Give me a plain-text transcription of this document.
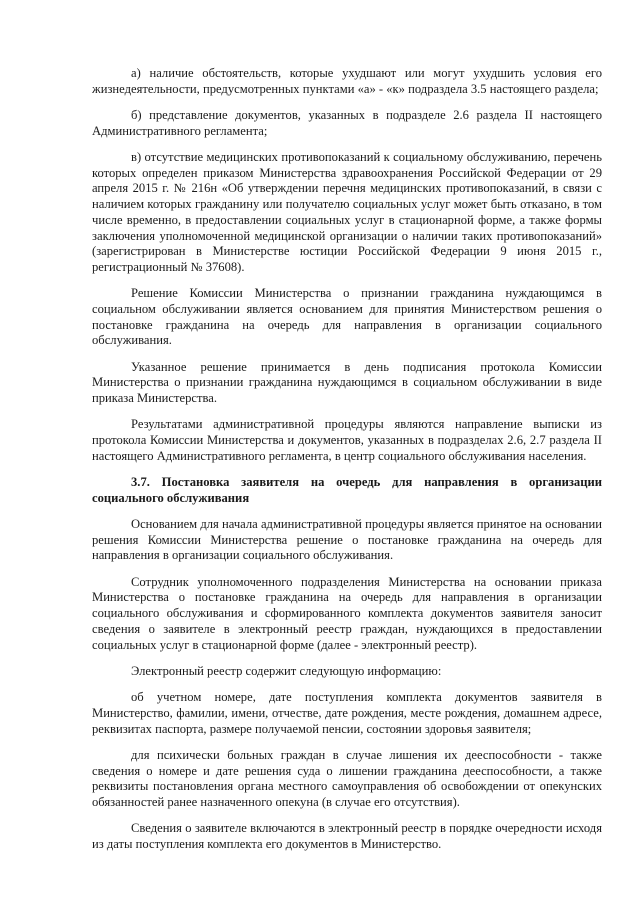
а) наличие обстоятельств, которые ухудшают или могут ухудшить условия его жизнедеятельности, предусмотренных пунктами «а» - «к» подраздела 3.5 настоящего раздела;

б) представление документов, указанных в подразделе 2.6 раздела II настоящего Административного регламента;

в) отсутствие медицинских противопоказаний к социальному обслуживанию, перечень которых определен приказом Министерства здравоохранения Российской Федерации от 29 апреля 2015 г. № 216н «Об утверждении перечня медицинских противопоказаний, в связи с наличием которых гражданину или получателю социальных услуг может быть отказано, в том числе временно, в предоставлении социальных услуг в стационарной форме, а также формы заключения уполномоченной медицинской организации о наличии таких противопоказаний» (зарегистрирован в Министерстве юстиции Российской Федерации 9 июня 2015 г., регистрационный № 37608).

Решение Комиссии Министерства о признании гражданина нуждающимся в социальном обслуживании является основанием для принятия Министерством решения о постановке гражданина на очередь для направления в организации социального обслуживания.

Указанное решение принимается в день подписания протокола Комиссии Министерства о признании гражданина нуждающимся в социальном обслуживании в виде приказа Министерства.

Результатами административной процедуры являются направление выписки из протокола Комиссии Министерства и документов, указанных в подразделах 2.6, 2.7 раздела II настоящего Административного регламента, в центр социального обслуживания населения.

3.7. Постановка заявителя на очередь для направления в организации социального обслуживания

Основанием для начала административной процедуры является принятое на основании решения Комиссии Министерства решение о постановке гражданина на очередь для направления в организации социального обслуживания.

Сотрудник уполномоченного подразделения Министерства на основании приказа Министерства о постановке гражданина на очередь для направления в организации социального обслуживания и сформированного комплекта документов заявителя заносит сведения о заявителе в электронный реестр граждан, нуждающихся в предоставлении социальных услуг в стационарной форме (далее - электронный реестр).

Электронный реестр содержит следующую информацию:

об учетном номере, дате поступления комплекта документов заявителя в Министерство, фамилии, имени, отчестве, дате рождения, месте рождения, домашнем адресе, реквизитах паспорта, размере получаемой пенсии, состоянии здоровья заявителя;

для психически больных граждан в случае лишения их дееспособности - также сведения о номере и дате решения суда о лишении гражданина дееспособности, а также реквизиты постановления органа местного самоуправления об освобождении от опекунских обязанностей ранее назначенного опекуна (в случае его отсутствия).

Сведения о заявителе включаются в электронный реестр в порядке очередности исходя из даты поступления комплекта его документов в Министерство.
